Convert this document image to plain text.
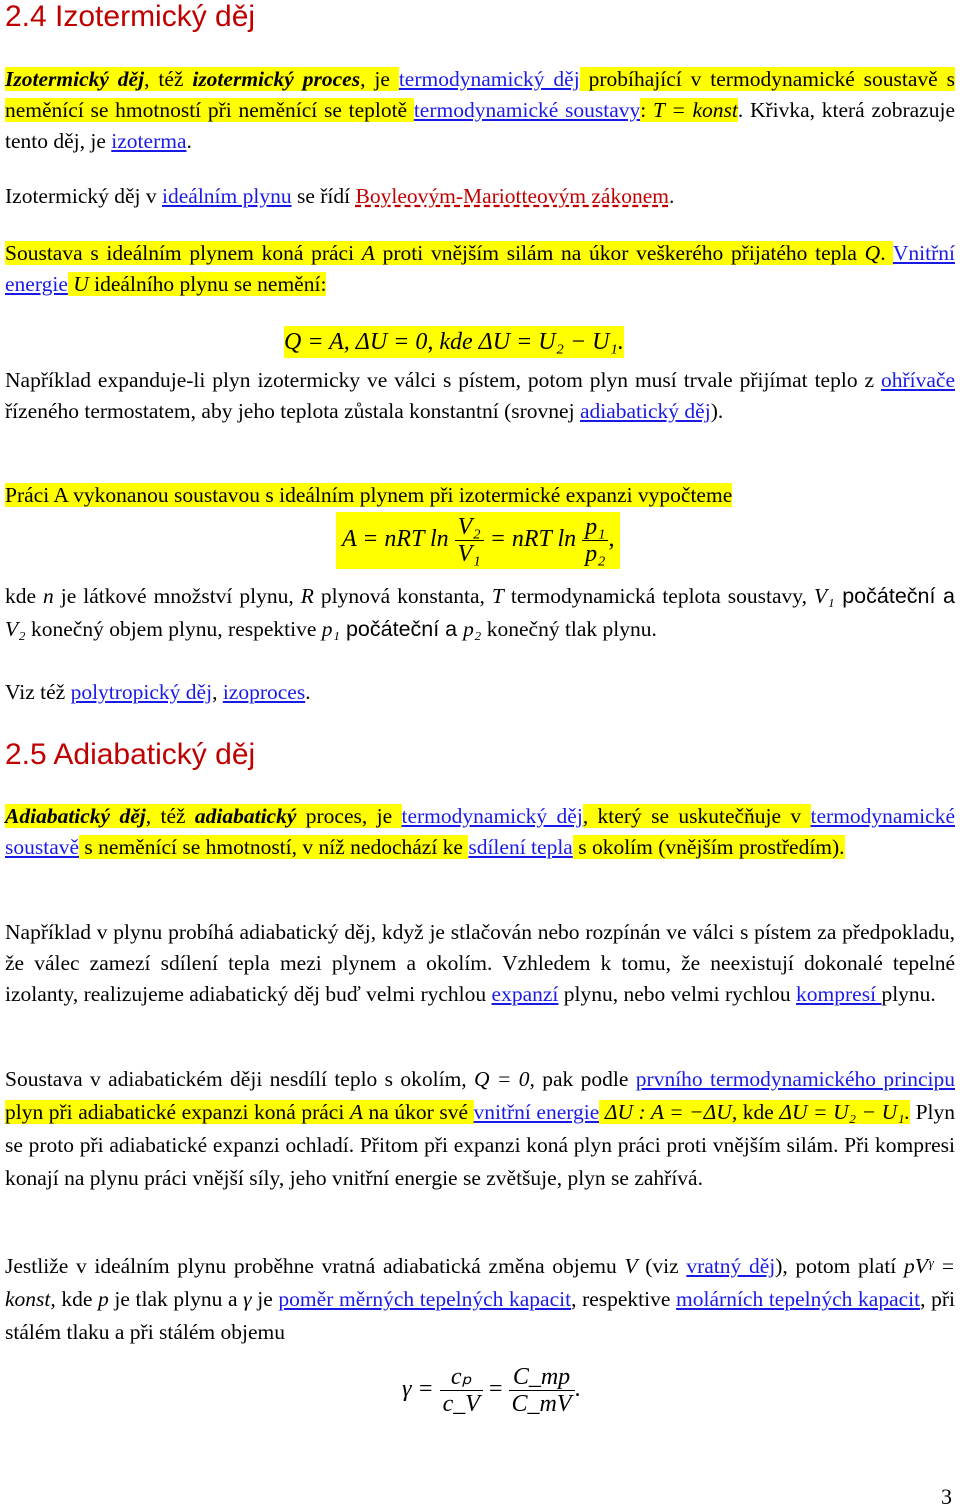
2.4 Izotermický děj

Izotermický děj, též izotermický proces, je termodynamický děj probíhající v termodynamické soustavě s neměnící se hmotností při neměnící se teplotě termodynamické soustavy: T = konst. Křivka, která zobrazuje tento děj, je izoterma.

Izotermický děj v ideálním plynu se řídí Boyleovým-Mariotteovým zákonem.

Soustava s ideálním plynem koná práci A proti vnějším silám na úkor veškerého přijatého tepla Q. Vnitřní energie U ideálního plynu se nemění:

Q = A, ΔU = 0, kde ΔU = U₂ − U₁.

Například expanduje-li plyn izotermicky ve válci s pístem, potom plyn musí trvale přijímat teplo z ohřívače řízeného termostatem, aby jeho teplota zůstala konstantní (srovnej adiabatický děj).

Práci A vykonanou soustavou s ideálním plynem při izotermické expanzi vypočteme

A = nRT $\ln \frac{\text{V₂}}{\text{V₁}}$ = nRT $\ln \frac{\text{p₁}}{\text{p₂}}$ ,

kde n je látkové množství plynu, R plynová konstanta, T termodynamická teplota soustavy, V₁ počáteční a V₂ konečný objem plynu, respektive p₁ počáteční a p₂ konečný tlak plynu.

Viz též polytropický děj, izoproces.

2.5 Adiabatický děj

Adiabatický děj, též adiabatický proces, je termodynamický děj, který se uskutečňuje v termodynamické soustavě s neměnící se hmotností, v níž nedochází ke sdílení tepla s okolím (vnějším prostředím).

Například v plynu probíhá adiabatický děj, když je stlačován nebo rozpínán ve válci s pístem za předpokladu, že válec zamezí sdílení tepla mezi plynem a okolím. Vzhledem k tomu, že neexistují dokonalé tepelné izolanty, realizujeme adiabatický děj buď velmi rychlou expanzí plynu, nebo velmi rychlou kompresí plynu.

Soustava v adiabatickém ději nesdílí teplo s okolím, Q = 0, pak podle prvního termodynamického principu plyn při adiabatické expanzi koná práci A na úkor své vnitřní energie ΔU : A = −ΔU, kde ΔU = U₂ − U₁. Plyn se proto při adiabatické expanzi ochladí. Přitom při expanzi koná plyn práci proti vnějším silám. Při kompresi konají na plynu práci vnější síly, jeho vnitřní energie se zvětšuje, plyn se zahřívá.

Jestliže v ideálním plynu proběhne vratná adiabatická změna objemu V (viz vratný děj), potom platí pVᵞ = konst, kde p je tlak plynu a γ je poměr měrných tepelných kapacit, respektive molárních tepelných kapacit, při stálém tlaku a při stálém objemu

$\gamma = \frac{\text{cₚ}}{c\_V} = \frac{C\_mp}{C\_mV}$ .
3
